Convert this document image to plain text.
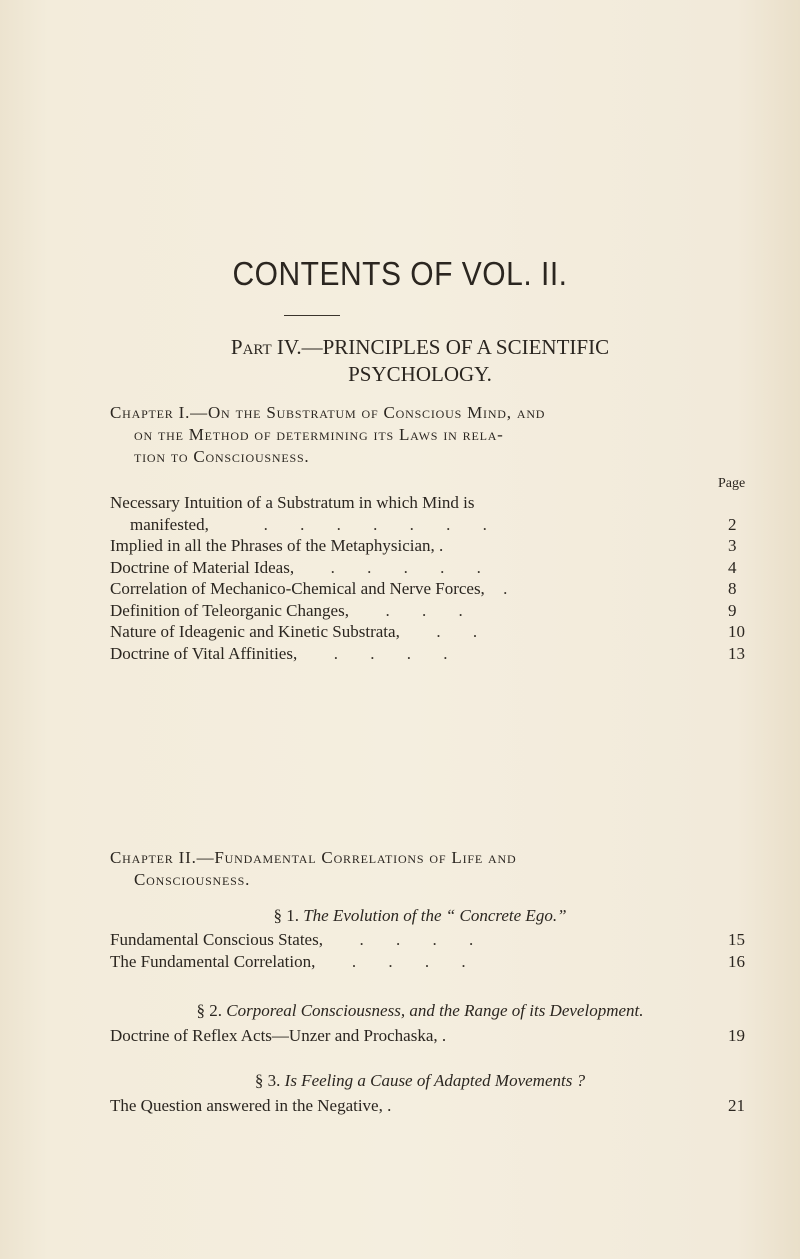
CONTENTS OF VOL. II.
Part IV.—PRINCIPLES OF A SCIENTIFIC
PSYCHOLOGY.
Chapter I.—On the Substratum of Conscious Mind, and
on the Method of determining its Laws in rela-
tion to Consciousness.
Page
Necessary Intuition of a Substratum in which Mind is
manifested,   . . . . . . .	2
Implied in all the Phrases of the Metaphysician, .	3
Doctrine of Material Ideas,  . . . . .	4
Correlation of Mechanico-Chemical and Nerve Forces, .	8
Definition of Teleorganic Changes,  . . .	9
Nature of Ideagenic and Kinetic Substrata,  . .	10
Doctrine of Vital Affinities,  . . . .	13
Chapter II.—Fundamental Correlations of Life and
Consciousness.
§ 1. The Evolution of the “ Concrete Ego.”
Fundamental Conscious States,  . . . .	15
The Fundamental Correlation,  . . . .	16
§ 2. Corporeal Consciousness, and the Range of its Development.
Doctrine of Reflex Acts—Unzer and Prochaska, .	19
§ 3. Is Feeling a Cause of Adapted Movements ?
The Question answered in the Negative, .	21
